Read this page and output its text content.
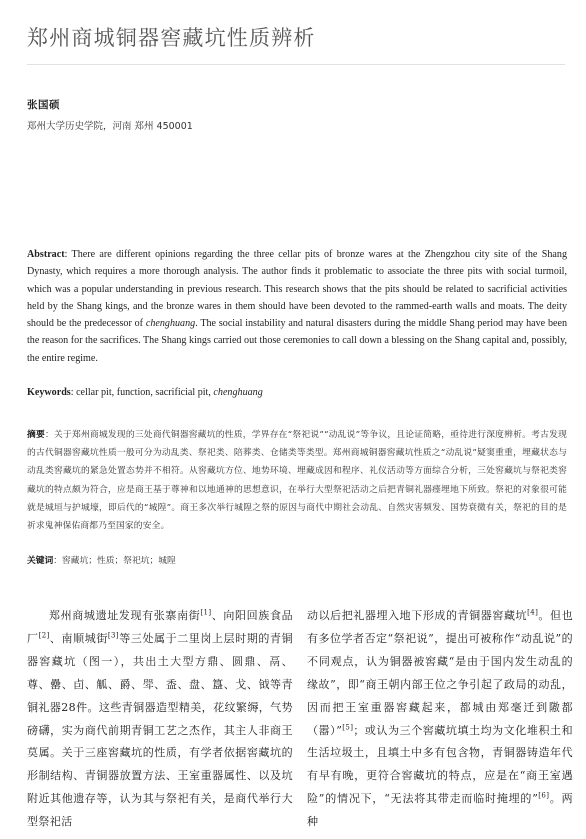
郑州商城铜器窖藏坑性质辨析
张国硕
郑州大学历史学院，河南 郑州 450001
Abstract: There are different opinions regarding the three cellar pits of bronze wares at the Zhengzhou city site of the Shang Dynasty, which requires a more thorough analysis. The author finds it problematic to associate the three pits with social turmoil, which was a popular understanding in previous research. This research shows that the pits should be related to sacrificial activities held by the Shang kings, and the bronze wares in them should have been devoted to the rammed-earth walls and moats. The deity should be the predecessor of chenghuang. The social instability and natural disasters during the middle Shang period may have been the reason for the sacrifices. The Shang kings carried out those ceremonies to call down a blessing on the Shang capital and, possibly, the entire regime.
Keywords: cellar pit, function, sacrificial pit, chenghuang
摘要：关于郑州商城发现的三处商代铜器窖藏坑的性质，学界存在“祭祀说”“动乱说”等争议，且论证简略，亟待进行深度辨析。考古发现的古代铜器窖藏坑性质一般可分为动乱类、祭祀类、陪葬类、仓储类等类型。郑州商城铜器窖藏坑性质之“动乱说”疑窦重重，埋藏状态与动乱类窖藏坑的紧急处置态势并不相符。从窖藏坑方位、地势环境、埋藏成因和程序、礼仪活动等方面综合分析，三处窖藏坑与祭祀类窖藏坑的特点颇为符合，应是商王基于尊神和以地通神的思想意识，在举行大型祭祀活动之后把青铜礼器瘗埋地下所致。祭祀的对象很可能就是城垣与护城壕，即后代的“城隍”。商王多次举行城隍之祭的原因与商代中期社会动乱、自然灾害频发、国势衰微有关，祭祀的目的是祈求鬼神保佑商都乃至国家的安全。
关键词：窖藏坑；性质；祭祀坑；城隍
郑州商城遗址发现有张寨南街[1]、向阳回族食品厂[2]、南顺城街[3]等三处属于二里岗上层时期的青铜器窖藏坑（图一），共出土大型方鼎、圆鼎、鬲、尊、罍、卣、觚、爵、斝、盉、盘、簋、戈、钺等青铜礼器28件。这些青铜器造型精美，花纹繁缛，气势磅礴，实为商代前期青铜工艺之杰作，其主人非商王莫属。关于三座窖藏坑的性质，有学者依据窖藏坑的形制结构、青铜器放置方法、王室重器属性、以及坑附近其他遗存等，认为其与祭祀有关，是商代举行大型祭祀活
动以后把礼器埋入地下形成的青铜器窖藏坑[4]。但也有多位学者否定“祭祀说”，提出可被称作“动乱说”的不同观点，认为铜器被窖藏“是由于国内发生动乱的缘故”，即“商王朝内部王位之争引起了政局的动乱，因而把王室重器窖藏起来，都城由郑毫迁到隞都（嚣）”[5]；或认为三个窖藏坑填土均为文化堆积土和生活垃圾土，且填土中多有包含物，青铜器铸造年代有早有晚，更符合窖藏坑的特点，应是在“商王室遇险”的情况下，“无法将其带走而临时掩埋的”[6]。两种
